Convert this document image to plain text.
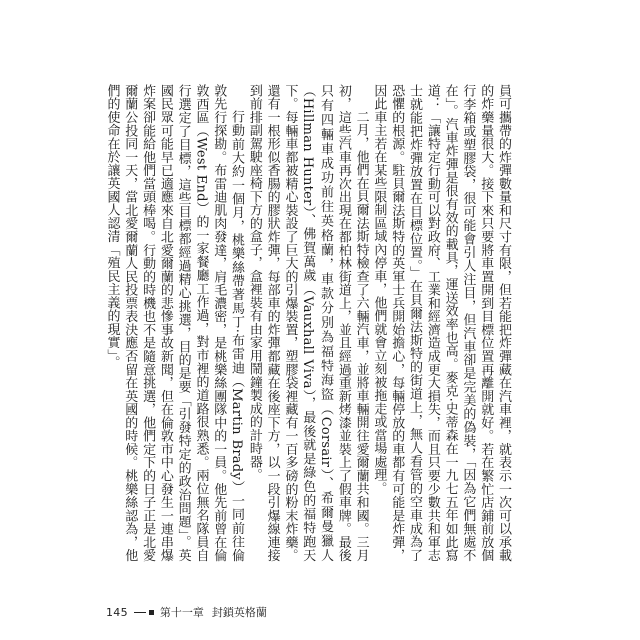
員可攜帶的炸彈數量和尺寸有限，但若能把炸彈藏在汽車裡，就表示一次可以承載的炸藥量很大。接下來只要將車置開到目標位置再離開就好。若在繁忙店鋪前放個行李箱或塑膠袋，很可能會引人注目，但汽車卻是完美的偽裝，「因為它們無處不在」。汽車炸彈是很有效的載具，運送效率也高。麥克‧史蒂森在一九七五年如此寫道：「讓特定行動可以對政府、工業和經濟造成更大損失，而且只要少數共和軍志士就能把炸彈放置在目標位置。」在貝爾法斯特的街道上，無人看管的空車成為了恐懼的根源。駐貝爾法斯特的英軍士兵開始擔心，每輛停放的車都有可能是炸彈，因此車主若在某些限制區域內停車，他們就會立刻被拖走或當場處理。

二月，他們在貝爾法斯特檢查了六輛汽車，並將車輛開往愛爾蘭共和國。三月初，這些汽車再次出現在都柏林街道上，並且經過重新烤漆並裝上了假車牌。最後只有四輛車成功前往英格蘭，車款分別為福特海盜（Corsair）、希爾曼獵人（Hillman Hunter）、佛賀萬歲（Vauxhall Viva），最後就是綠色的福特跑天下。每輛車都被精心裝設了巨大的引爆裝置，塑膠袋裡藏有一百多磅的粉末炸藥。還有一根形似香腸的膠狀炸彈，每部車的炸彈都藏在後座下方，以一段引爆線連接到前排副駕駛座椅下方的盒子，盒裡裝有由家用鬧鐘製成的計時器。

行動前大約一個月，桃樂絲帶著馬丁‧布雷迪（Martin Brady）一同前往倫敦先行探勘。布雷迪肌肉發達，肩毛濃密，是桃樂絲團隊中的一員。他先前曾在倫敦西區（West End）的一家餐廳工作過，對市裡的道路很熟悉。兩位無名隊員自行選定了目標，這些目標都經過精心挑選，目的是要「引發特定的政治問題」。英國民眾可能早已適應來自北愛爾蘭的悲慘事故新聞，但在倫敦市中心發生一連串爆炸案卻能給他們當頭棒喝。行動的時機也不是隨意挑選，他們定下的日子正是北愛爾蘭公投同一天，當北愛爾蘭人民投票表決應否留在英國的時候。桃樂絲認為，他們的使命在於讓英國人認清「殖民主義的現實」。

145	第十一章 封鎖英格蘭
